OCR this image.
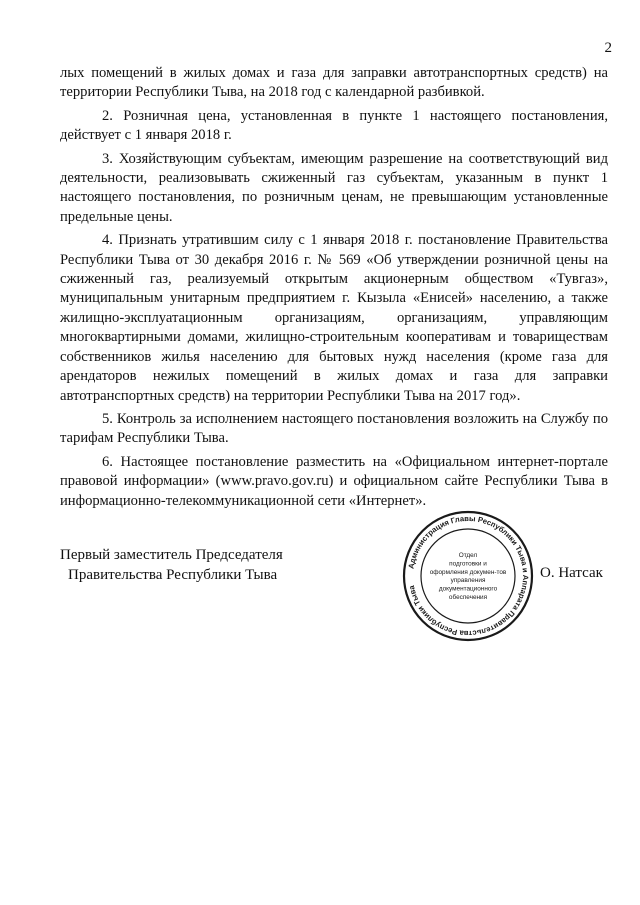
2

лых помещений в жилых домах и газа для заправки автотранспортных средств) на территории Республики Тыва, на 2018 год с календарной разбивкой.

2. Розничная цена, установленная в пункте 1 настоящего постановления, действует с 1 января 2018 г.

3. Хозяйствующим субъектам, имеющим разрешение на соответствующий вид деятельности, реализовывать сжиженный газ субъектам, указанным в пункт 1 настоящего постановления, по розничным ценам, не превышающим установленные предельные цены.

4. Признать утратившим силу с 1 января 2018 г. постановление Правительства Республики Тыва от 30 декабря 2016 г. № 569 «Об утверждении розничной цены на сжиженный газ, реализуемый открытым акционерным обществом «Тувгаз», муниципальным унитарным предприятием г. Кызыла «Енисей» населению, а также жилищно-эксплуатационным организациям, организациям, управляющим многоквартирными домами, жилищно-строительным кооперативам и товариществам собственников жилья населению для бытовых нужд населения (кроме газа для арендаторов нежилых помещений в жилых домах и газа для заправки автотранспортных средств) на территории Республики Тыва на 2017 год».

5. Контроль за исполнением настоящего постановления возложить на Службу по тарифам Республики Тыва.

6. Настоящее постановление разместить на «Официальном интернет-портале правовой информации» (www.pravo.gov.ru) и официальном сайте Республики Тыва в информационно-телекоммуникационной сети «Интернет».

Первый заместитель Председателя
Правительства Республики Тыва	О. Натсак
Администрация Главы Республики Тыва и Аппарата Правительства Республики Тыва
Отдел
подготовки и
оформления докумен-тов
управления
документационного
обеспечения
